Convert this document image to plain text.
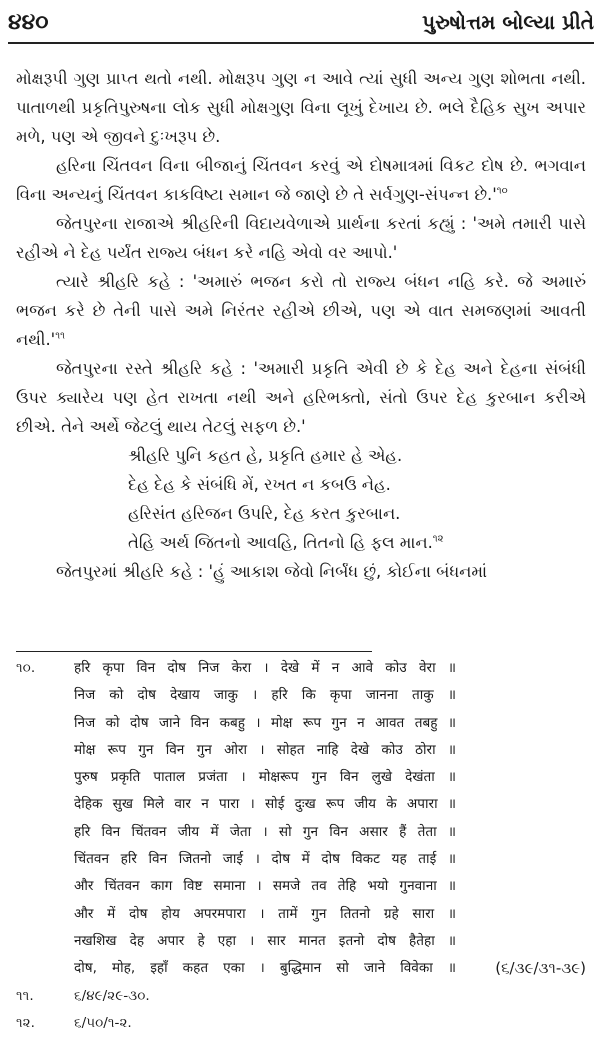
૪૪૦	પુરુષોત્તમ બોલ્યા પ્રીતે

મોક્ષરૂપી ગુણ પ્રાપ્ત થતો નથી. મોક્ષરૂપ ગુણ ન આવે ત્યાં સુધી અન્ય ગુણ શોભતા નથી. પાતાળથી પ્રકૃતિપુરુષના લોક સુધી મોક્ષગુણ વિના લૂખું દેખાય છે. ભલે દૈહિક સુખ અપાર મળે, પણ એ જીવને દુઃખરૂપ છે.

હરિના ચિંતવન વિના બીજાનું ચિંતવન કરવું એ દોષમાત્રમાં વિકટ દોષ છે. ભગવાન વિના અન્યનું ચિંતવન કાકવિષ્ટા સમાન જે જાણે છે તે સર્વગુણ-સંપન્ન $છે.'^{૧૦}$

જેતપુરના રાજાએ શ્રીહરિની વિદાયવેળાએ પ્રાર્થના કરતાં કહ્યું : 'અમે તમારી પાસે રહીએ ને દેહ પર્યંત રાજ્ય બંધન કરે નહિ એવો વર આપો.'

ત્યારે શ્રીહરિ કહે : 'અમારું ભજન કરો તો રાજ્ય બંધન નહિ કરે. જે અમારું ભજન કરે છે તેની પાસે અમે નિરંતર રહીએ છીએ, પણ એ વાત સમજણમાં આવતી $નથી.'^{૧૧}$

જેતપુરના રસ્તે શ્રીહરિ કહે : 'અમારી પ્રકૃતિ એવી છે કે દેહ અને દેહના સંબંધી ઉપર ક્યારેય પણ હેત રાખતા નથી અને હરિભક્તો, સંતો ઉપર દેહ કુરબાન કરીએ છીએ. તેને અર્થે જેટલું થાય તેટલું સફળ છે.'

શ્રીહરિ પુનિ કહત હે, પ્રકૃતિ હમાર હે એહ.
દેહ દેહ કે સંબંધિ મેં, રખત ન કબઉ નેહ.
હરિસંત હરિજન ઉપરિ, દેહ કરત કુરબાન.
તેહિ અર્થ જિતનો આવહિ, તિતનો હિ ફલ માન.$^{૧૨}$

જેતપુરમાં શ્રીહરિ કહે : 'હું આકાશ જેવો નિર્બંધ છું, કોઈના બંધનમાં

૧૦.	हरि कृपा विन दोष निज केरा । देखे में न आवे कोउ वेरा ॥
निज को दोष देखाय जाकु । हरि कि कृपा जानना ताकु ॥
निज को दोष जाने विन कबहु । मोक्ष रूप गुन न आवत तबहु ॥
मोक्ष रूप गुन विन गुन ओरा । सोहत नाहि देखे कोउ ठोरा ॥
पुरुष प्रकृति पाताल प्रजंता । मोक्षरूप गुन विन लुखे देखंता ॥
देहिक सुख मिले वार न पारा । सोई दुःख रूप जीय के अपारा ॥
हरि विन चिंतवन जीय में जेता । सो गुन विन असार हैं तेता ॥
चिंतवन हरि विन जितनो जाई । दोष में दोष विकट यह ताई ॥
और चिंतवन काग विष्ट समाना । समजे तव तेहि भयो गुनवाना ॥
और में दोष होय अपरमपारा । तामें गुन तितनो ग्रहे सारा ॥
नखशिख देह अपार हे एहा । सार मानत इतनो दोष हैतेहा ॥
दोष, मोह, इहाँ कहत एका । बुद्धिमान सो जाने विवेका ॥	(૬/૩૯/૩૧-૩૯)
૧૧.	૬/૪૯/૨૯-૩૦.
૧૨.	૬/૫૦/૧-૨.
